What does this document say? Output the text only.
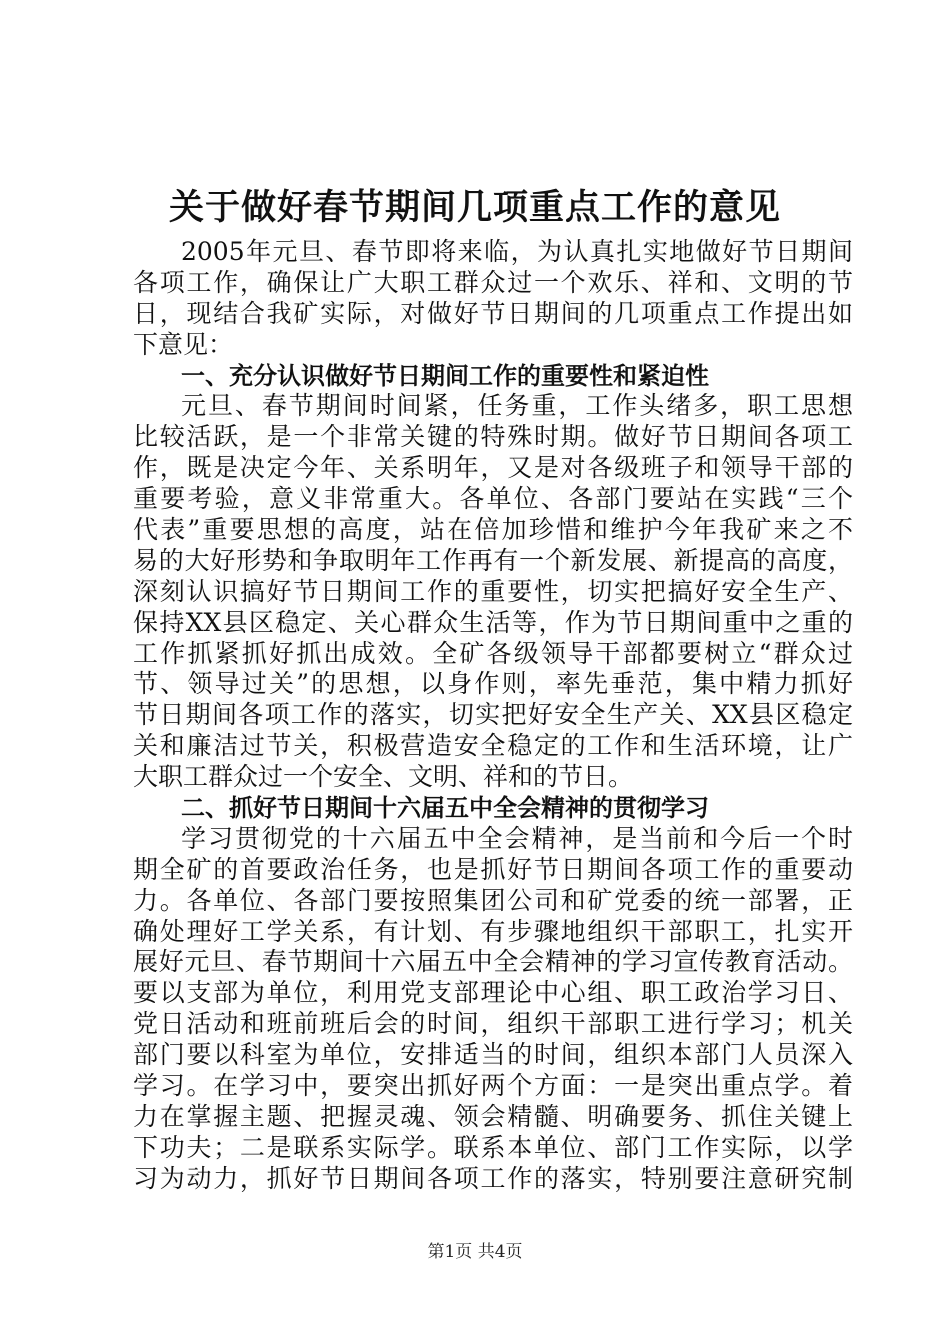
关于做好春节期间几项重点工作的意见
2005年元旦、春节即将来临，为认真扎实地做好节日期间
各项工作，确保让广大职工群众过一个欢乐、祥和、文明的节
日，现结合我矿实际，对做好节日期间的几项重点工作提出如
下意见：
一、充分认识做好节日期间工作的重要性和紧迫性
元旦、春节期间时间紧，任务重，工作头绪多，职工思想
比较活跃，是一个非常关键的特殊时期。做好节日期间各项工
作，既是决定今年、关系明年，又是对各级班子和领导干部的
重要考验，意义非常重大。各单位、各部门要站在实践“三个
代表”重要思想的高度，站在倍加珍惜和维护今年我矿来之不
易的大好形势和争取明年工作再有一个新发展、新提高的高度，
深刻认识搞好节日期间工作的重要性，切实把搞好安全生产、
保持XX县区稳定、关心群众生活等，作为节日期间重中之重的
工作抓紧抓好抓出成效。全矿各级领导干部都要树立“群众过
节、领导过关”的思想，以身作则，率先垂范，集中精力抓好
节日期间各项工作的落实，切实把好安全生产关、XX县区稳定
关和廉洁过节关，积极营造安全稳定的工作和生活环境，让广
大职工群众过一个安全、文明、祥和的节日。
二、抓好节日期间十六届五中全会精神的贯彻学习
学习贯彻党的十六届五中全会精神，是当前和今后一个时
期全矿的首要政治任务，也是抓好节日期间各项工作的重要动
力。各单位、各部门要按照集团公司和矿党委的统一部署，正
确处理好工学关系，有计划、有步骤地组织干部职工，扎实开
展好元旦、春节期间十六届五中全会精神的学习宣传教育活动。
要以支部为单位，利用党支部理论中心组、职工政治学习日、
党日活动和班前班后会的时间，组织干部职工进行学习；机关
部门要以科室为单位，安排适当的时间，组织本部门人员深入
学习。在学习中，要突出抓好两个方面：一是突出重点学。着
力在掌握主题、把握灵魂、领会精髓、明确要务、抓住关键上
下功夫；二是联系实际学。联系本单位、部门工作实际，以学
习为动力，抓好节日期间各项工作的落实，特别要注意研究制
第1页 共4页
